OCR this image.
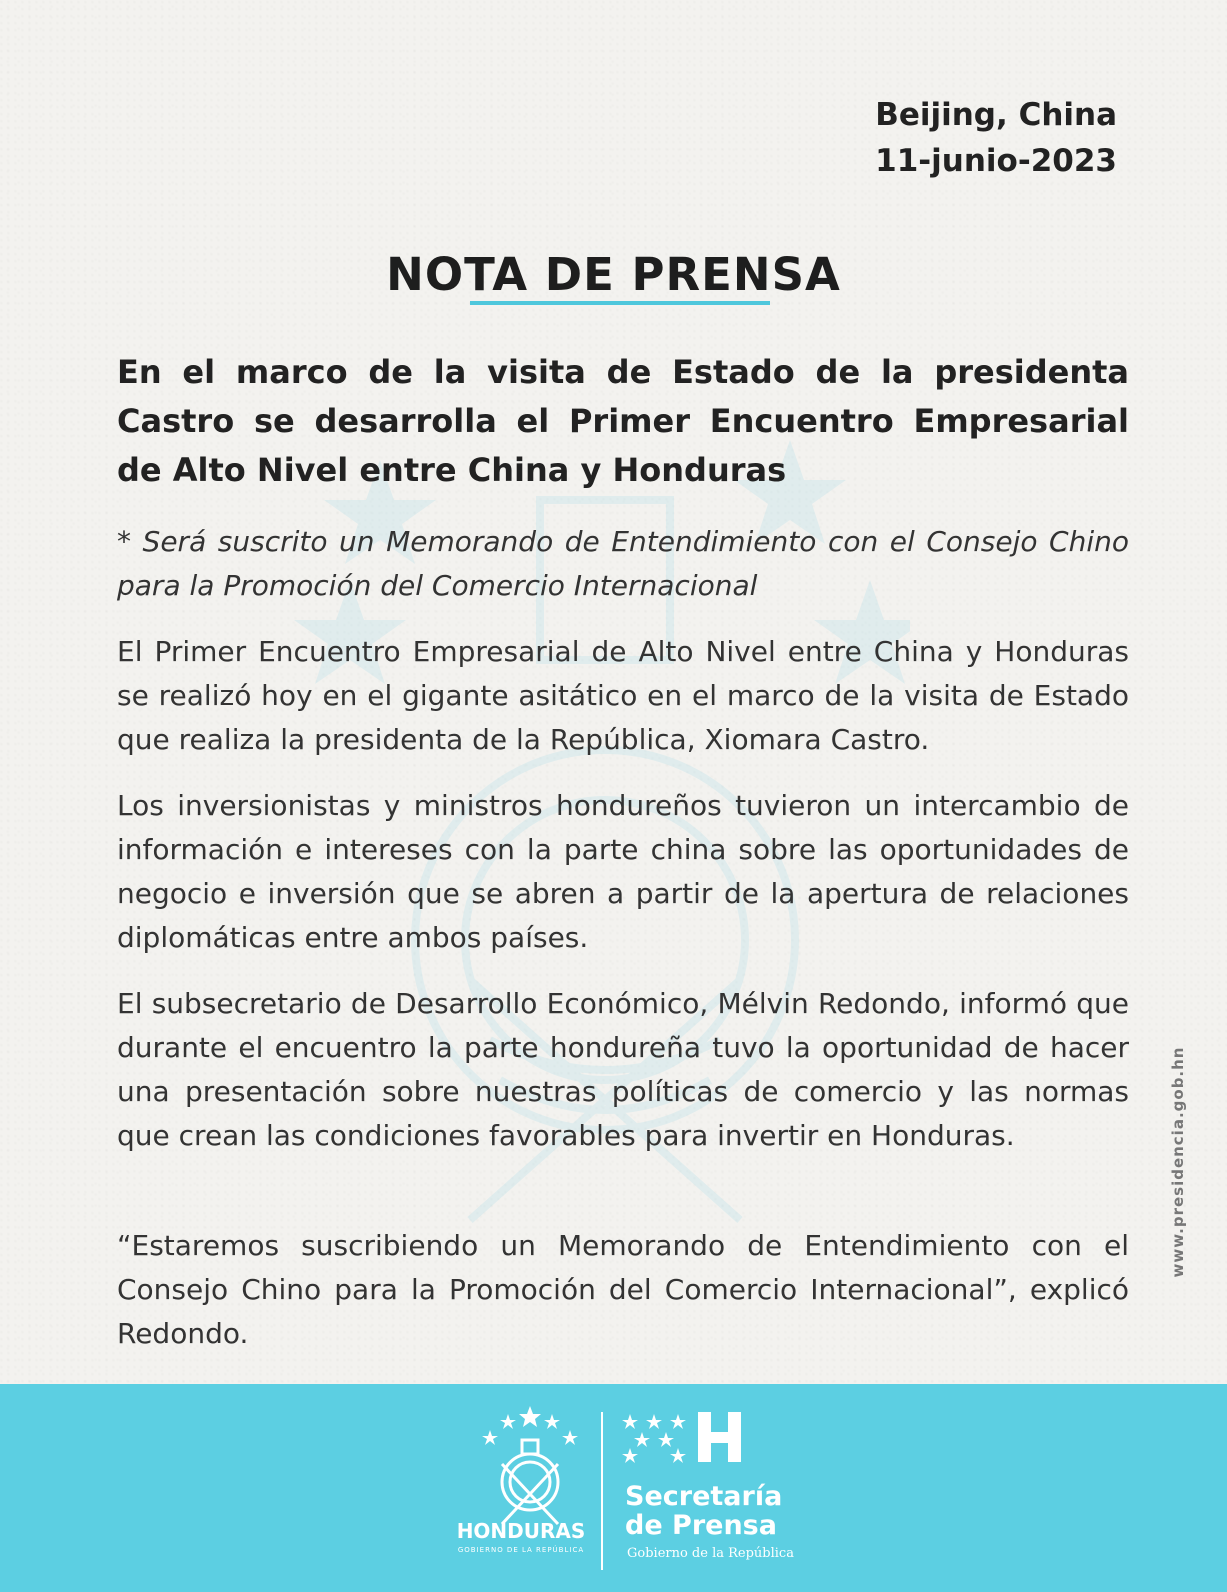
Beijing, China
11-junio-2023
NOTA DE PRENSA

En el marco de la visita de Estado de la presidenta Castro se desarrolla el Primer Encuentro Empresarial de Alto Nivel entre China y Honduras

* Será suscrito un Memorando de Entendimiento con el Consejo Chino para la Promoción del Comercio Internacional

El Primer Encuentro Empresarial de Alto Nivel entre China y Honduras se realizó hoy en el gigante asitático en el marco de la visita de Estado que realiza la presidenta de la República, Xiomara Castro.

Los inversionistas y ministros hondureños tuvieron un intercambio de información e intereses con la parte china sobre las oportunidades de negocio e inversión que se abren a partir de la apertura de relaciones diplomáticas entre ambos países.

El subsecretario de Desarrollo Económico, Mélvin Redondo, informó que durante el encuentro la parte hondureña tuvo la oportunidad de hacer una presentación sobre nuestras políticas de comercio y las normas que crean las condiciones favorables para invertir en Honduras.

“Estaremos suscribiendo un Memorando de Entendimiento con el Consejo Chino para la Promoción del Comercio Internacional”, explicó Redondo.

www.presidencia.gob.hn
HONDURAS
GOBIERNO DE LA REPÚBLICA
Secretaría
de Prensa
Gobierno de la República
